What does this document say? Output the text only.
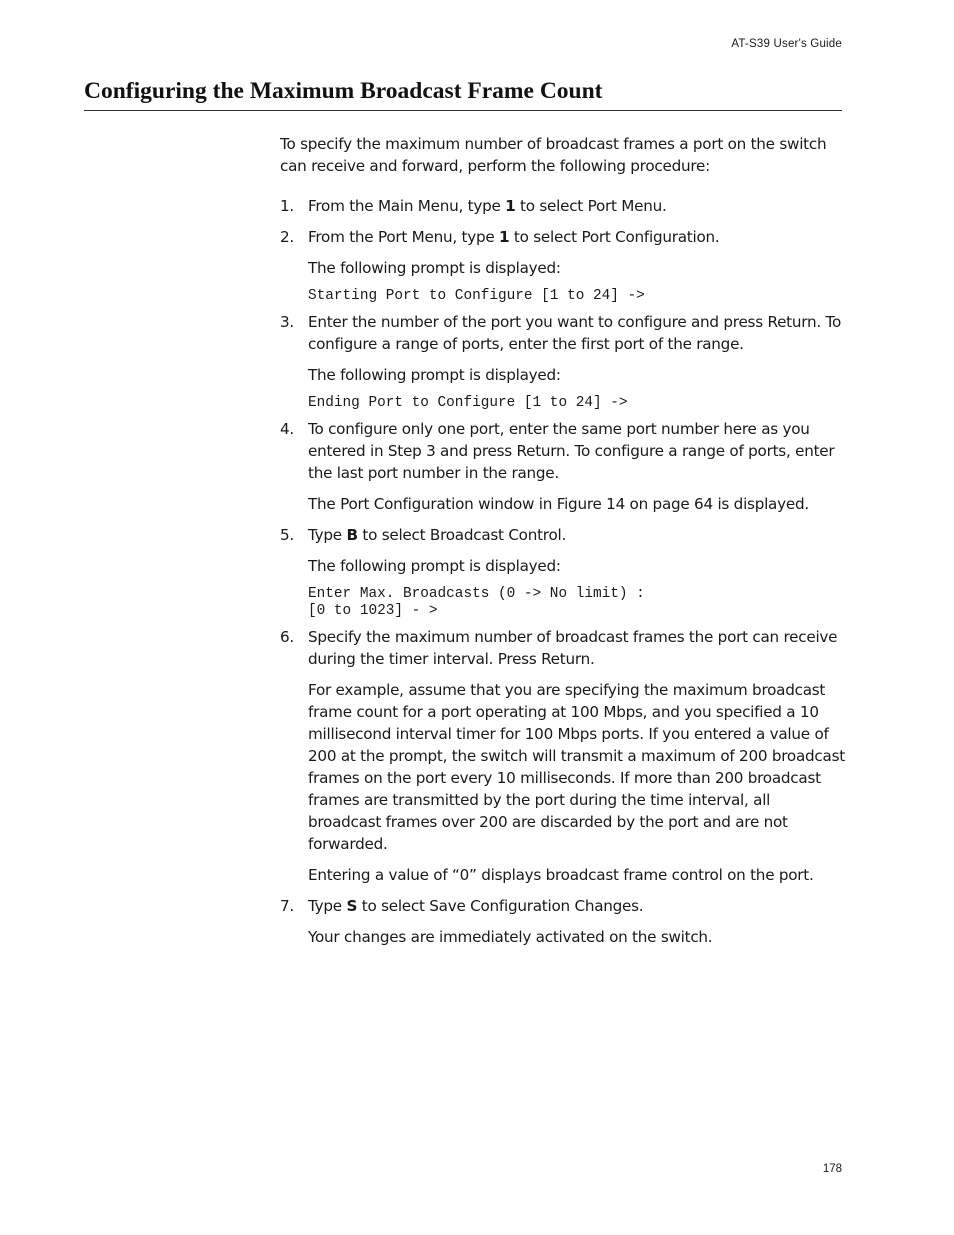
AT-S39 User's Guide
Configuring the Maximum Broadcast Frame Count

To specify the maximum number of broadcast frames a port on the switch can receive and forward, perform the following procedure:

1. From the Main Menu, type 1 to select Port Menu.

2. From the Port Menu, type 1 to select Port Configuration.

The following prompt is displayed:

Starting Port to Configure [1 to 24] ->
3. Enter the number of the port you want to configure and press Return. To configure a range of ports, enter the first port of the range.

The following prompt is displayed:

Ending Port to Configure [1 to 24] ->
4. To configure only one port, enter the same port number here as you entered in Step 3 and press Return. To configure a range of ports, enter the last port number in the range.

The Port Configuration window in Figure 14 on page 64 is displayed.

5. Type B to select Broadcast Control.

The following prompt is displayed:

Enter Max. Broadcasts (0 -> No limit) :
[0 to 1023] - >
6. Specify the maximum number of broadcast frames the port can receive during the timer interval. Press Return.

For example, assume that you are specifying the maximum broadcast frame count for a port operating at 100 Mbps, and you specified a 10 millisecond interval timer for 100 Mbps ports. If you entered a value of 200 at the prompt, the switch will transmit a maximum of 200 broadcast frames on the port every 10 milliseconds. If more than 200 broadcast frames are transmitted by the port during the time interval, all broadcast frames over 200 are discarded by the port and are not forwarded.

Entering a value of “0” displays broadcast frame control on the port.

7. Type S to select Save Configuration Changes.

Your changes are immediately activated on the switch.

178
